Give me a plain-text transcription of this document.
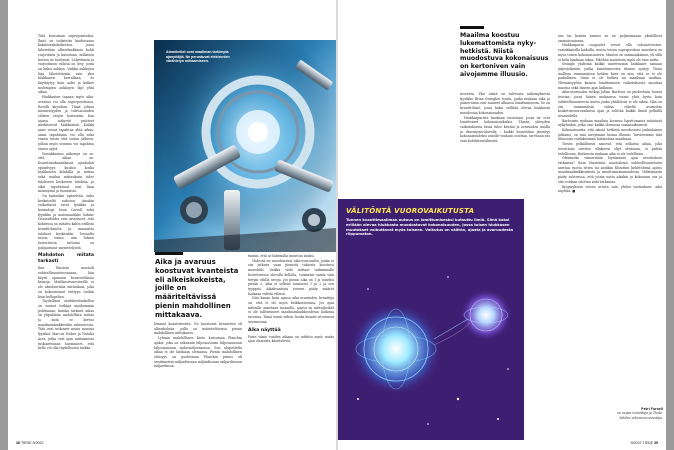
Tätä kutsutaan superpositioksi. Ilmiö on todistettu kuuluisassa kaksoisrakokokeessa, jossa lähetetään alkeishiukkasia kohti varjostinta ja katsotaan, millaisen kuvion ne tuottavat. Lähettimen ja varjostimen välissä on levy, jossa on kaksi aukkoa. Vaikka aukkojen läpi lähetettäisiin vain yksi hiukkanen kerrallaan, se käyttäytyy kuin aalto ja kulkee molempien aukkojen läpi yhtä aikaa.

Hiukkasten tapaan myös aika-avaruus voi olla superpositiossa. Rovelli kirjoittaa. Tämä johtaa menneisyyden ja tulevaisuuden välisen erojen horisontin, kun ajassa näkyvät puitteet merkitsevät hiukkasista. Kaikki asiat voivat tapahtua yhtä aikaa, sama tapahtuma voi olla sekä ennen toista että toisen jälkeen, jolloin myös seuraus voi tapahtua ennen syytä.

Vastakkainen näkemys on se, että aikaa on. Kvanttimekaaniikassa ajankulun epäselvyys kuuluu koska hiukkasten kohdalla ja mittaa sekä muihin mittauksiin tulee tulokseen koskevien tuloksia, ja siksi tapahtumat ovat liian monisyisiä ja luontaista.

On kuitenkin epäselvää, onko keskeiseltä aukoton. Ainakin vaikuttavat tavat fysiikko ja kosmologi Sean Carroll sekä fyysikko ja matemaatikko Sabine Hossenfelder ovat arvioineet, että kokeessa on mitattu kahta erillistä kvantti-ilmiötä ja summattu tulokset keskenään. Toisaalta teoria toimii, niin lukien luotoritavia tuttuina on pohjautunut menettelyistä.

Mahdoton mitata tarkasti

Kun Einstein muotoili suhteellisuusteoriaansa, hän käytti apunaan kovatestilaisia keinoja. Mielikuvitusesineillä ei ole absoluuttisia mittauksia, joka on kokoontunut tiettyyn tuuliin kuin kellopelien.

Täydellisen mielikuvituskellon on saanut tutkijat myöhemmin pohtimaan, kuinka tarkasti aikaa on ylipäätään mahdollista mitata ja mitä se kertoo maailmankaikkeuden rakenteesta. Tätä ovat tutkineet muun muassa fyysikot Marcus Huber ja Natalia Ares, jotka ovat ajan mittaamista tutkineessaan havainneet, että kello voi olla täydellisesti tarkka.

Atomikellot ovat maailman tarkimpia ajanpitäjiä. Ne perustuvat elektronien värähtelyn mittaamiseen.
Aika ja avaruus koostuvat kvanteista eli alkeiskokeista, joille on määriteltävissä pienin mahdollinen mittakaava.

lemmat kvanttiteorita. Ne koostuvat kvanteista eli alkeiskoksta, joilla on määriteltävissä pienin mahdollinen mittakaava.

Lyhinin mahdollinen kesto kutsutaan Planckin ajaksi, joka on sekunnin biljoonasosan biljoonasosan biljoonasosan sadasmiljoonasosa. Sen alapuolelta aikaa ei ole lainkaan olemassa. Pienin mahdollinen etäisyys on puolestaan Planckin pituus eli senttimetrin miljardisosan miljardisosan miljardisosan miljardisosa.

tumiin, että se lukemalla muuttuu muksi.

Yhdessä ne muodostavat aika-avaruuden, jonka ei siis jatkuva vaan pienistä rakeista koostuva monoliitti. Vaikka vielä mittaat tarkimmalla luotettavissa olevalla kellolla, voisimme saada vain tietyin välillä arvoja. Jos pienin aika on 1 ja toiseksi pienin 2, aika ei sellaisi tasaisesti 1 ja 2 ja sen tyyppisi. Aikakvantista toiseen pääty määrät koskaan välistä välissä.

Niin kauan kuin ajassa aika-avaruuden kvantteja on, että ei ole myös heikkouuvenna. Jos ajan mittaille annetaan tasaisilla, ajassa on mittayksiköt ei ole tallentuneet maailmankaikkeudessa kaikissa tavoissa. Tämä toimii siihen, koska kvantit sitoutuvat seuraavana.

Aika näyttää

Parin viime vuoden aikana on tutkittu myös muita ajan olemusta käsitteleviä

Maailma koostuu lukemattomista nykyhetkistä. Niistä muodostuva kokonaisuus on kertoniven vain aivojemme illuusio.

teorioita. Yksi niistä on tulevasta näkemyksestä fyysikko Brian Swinglen teoria, jonka mukaan aika ja painovoima ovat saaneet alkunsa lomittumisesta. Se on kvantti-ilmiö, jossa kaksi erillään olevaa hiukkasta muodostaa kokonaisuuden.

Hiukkasparista kaukana toisistaan, jossa ne ovat lomittuneet kokonaisuuksiksi. Tämän yhteyden vaikutuksesta tässä tulee kentän ja avaruuden sisällä ja ilmentymä-alueella – kaikki kvantitilan jäsentyy kokonaisuudeksi asioille voidaan osoittaa, tarvitaan siis vain kohdistusvälineitä.

VÄLITÖNTÄ VUOROVAIKUTUSTA
Tunnen kvanttimaailman outous on lomittumisesksi kutsuttu ilmiö. Siinä kaksi erillään olevaa hiukkasta muodostavat kokonaisuuden, jossa toisen hiukkasen muutokset vaikuttavat myös toiseen. Vaikutus on välitön, ajasta ja avaruudesta riippumaton.

sen tai kentän kanssa ne ne paljastamaan yksilölliset ominaisuutensa.

Hiukkasparin osapuolet voivat olla valoaarvoisten-vastakkaisilla laidoilla, mutta toisen superposition muuttava on myös toisen kokonaisuuteen. Muutos on samanaikainen, eli sillä ei kulu lainkaan aikaa. Eiköhän mainitsiin myös ole taas mitta.

Swingle yhdistää kaikki universumin hiukkaset samaan järjestelmään, jonka lomittumisesta tilanne syntyy. Tässä mallissa ensimmäisen hetken kuva on niin, että se ei ole paikallinen. Siinä ei ole hetkeä tai maailman mutkaa. Yhtenäisyyden kanssa lomittumisen vaikutuksesta muuttaa muotoa sekä ilmeen ajan kulkuun.

Aika-avaruuden tutkija Julian Barbour on puolestaan luonut teorian, jossa hänen mukaansa toimii yhtä hyvin kuin suhteellisuusteoria mutta jonka yhtälöissä ei ole aikaa. Hän on siis ensimmäisiä vähän väheltä avaruutta kosketusvuorovaikutus ajan ja selittää kaikki ilmiöt pelkällä avaruudella.

Barbourin mukaan maailma koostuu loputtomasta määrästä nykyhetkiä, jotka ovat kaikki olemassa samanaikaisesti.

Kokonaisuutta, että näistä hetkistä muodostuisi jonkinlainen jatkumo, on vain aivojemme luoma illuusio. Tarvitsemme tätä illuusiota voidaksemme hahmottaa maailmaa.

Tiesen pelkällisesti sanovat, että sellaista aikaa, joka toteuttaisi tarvitse ollakseen oltyt olemassa, ei pidetä todellisena. Barbourin mukaan aika ei ole todellinen.

Olemmeko viimeistään löytämässä ajan arvoituksen ratkaisua? Kuin Einsteinin muotoilema suhteellisuusteoria asettaa vuotta sitten tai antiikin filosofien kehittelemä ajatus maailmankaikkeudesta ja muuttumattomuudesta. Välittömästä pääty suhteessa, että jotain uutta aikakin ja kokonaan osa ja sitä voidaan odottaa mitä ratkaisua.

Kysymyksem voisee arvata vain yhden vastauksen: aika näyttää. ■

Petri Forsell
on vapaa toimittaja ja Tiede-lehden sekruinen avustaja.
38 TIEDE 9/2022	9/2022 TIEDE 39
